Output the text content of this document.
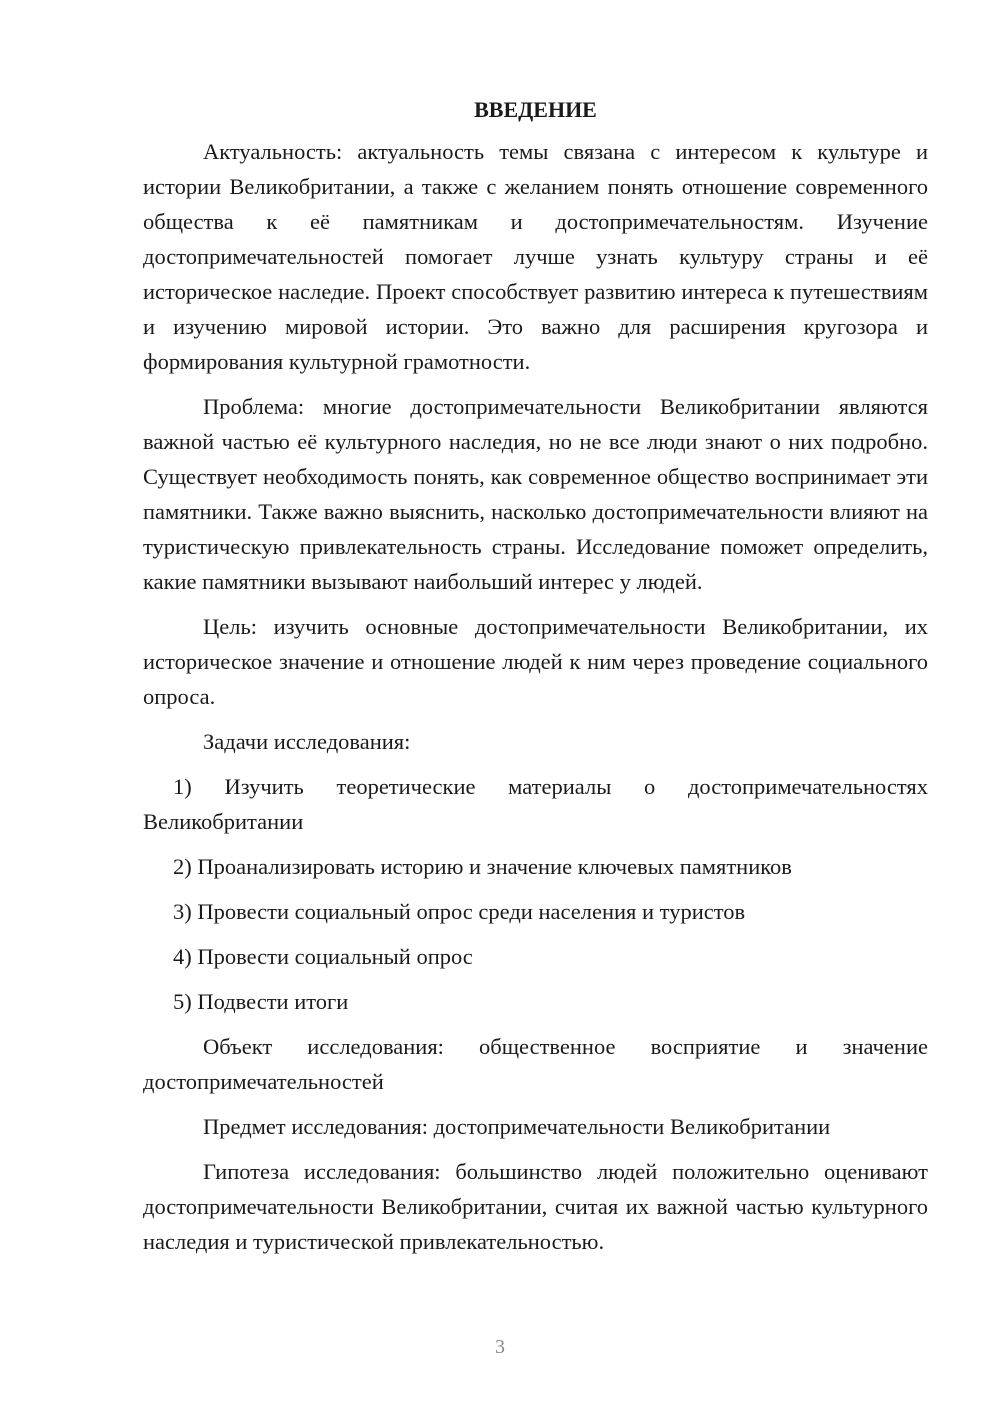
ВВЕДЕНИЕ

Актуальность: актуальность темы связана с интересом к культуре и истории Великобритании, а также с желанием понять отношение современного общества к её памятникам и достопримечательностям. Изучение достопримечательностей помогает лучше узнать культуру страны и её историческое наследие. Проект способствует развитию интереса к путешествиям и изучению мировой истории. Это важно для расширения кругозора и формирования культурной грамотности.

Проблема: многие достопримечательности Великобритании являются важной частью её культурного наследия, но не все люди знают о них подробно. Существует необходимость понять, как современное общество воспринимает эти памятники. Также важно выяснить, насколько достопримечательности влияют на туристическую привлекательность страны. Исследование поможет определить, какие памятники вызывают наибольший интерес у людей.

Цель: изучить основные достопримечательности Великобритании, их историческое значение и отношение людей к ним через проведение социального опроса.

Задачи исследования:

1) Изучить теоретические материалы о достопримечательностях Великобритании

2) Проанализировать историю и значение ключевых памятников

3) Провести социальный опрос среди населения и туристов

4) Провести социальный опрос

5) Подвести итоги

Объект исследования: общественное восприятие и значение достопримечательностей

Предмет исследования: достопримечательности Великобритании

Гипотеза исследования: большинство людей положительно оценивают достопримечательности Великобритании, считая их важной частью культурного наследия и туристической привлекательностью.

3
